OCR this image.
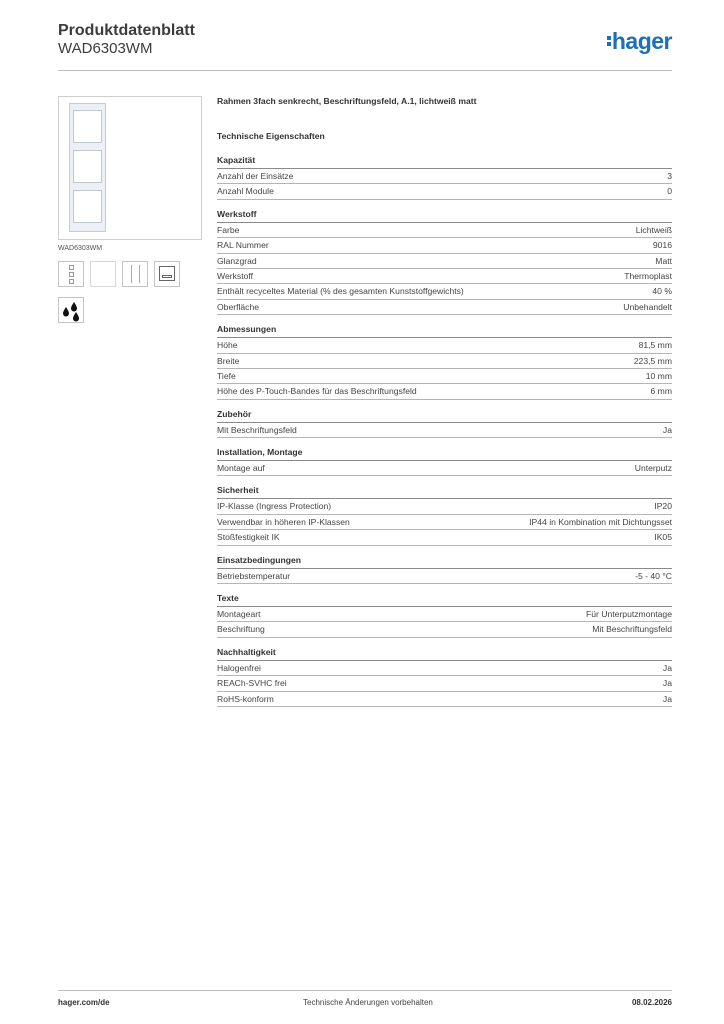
Produktdatenblatt
WAD6303WM	hager
WAD6303WM
Rahmen 3fach senkrecht, Beschriftungsfeld, A.1, lichtweiß matt
Technische Eigenschaften
Kapazität
Anzahl der Einsätze	3
Anzahl Module	0
Werkstoff
Farbe	Lichtweiß
RAL Nummer	9016
Glanzgrad	Matt
Werkstoff	Thermoplast
Enthält recyceltes Material (% des gesamten Kunststoffgewichts)	40 %
Oberfläche	Unbehandelt
Abmessungen
Höhe	81,5 mm
Breite	223,5 mm
Tiefe	10 mm
Höhe des P-Touch-Bandes für das Beschriftungsfeld	6 mm
Zubehör
Mit Beschriftungsfeld	Ja
Installation, Montage
Montage auf	Unterputz
Sicherheit
IP-Klasse (Ingress Protection)	IP20
Verwendbar in höheren IP-Klassen	IP44 in Kombination mit Dichtungsset
Stoßfestigkeit IK	IK05
Einsatzbedingungen
Betriebstemperatur	-5 - 40 °C
Texte
Montageart	Für Unterputzmontage
Beschriftung	Mit Beschriftungsfeld
Nachhaltigkeit
Halogenfrei	Ja
REACh-SVHC frei	Ja
RoHS-konform	Ja
hager.com/de	Technische Änderungen vorbehalten	08.02.2026
